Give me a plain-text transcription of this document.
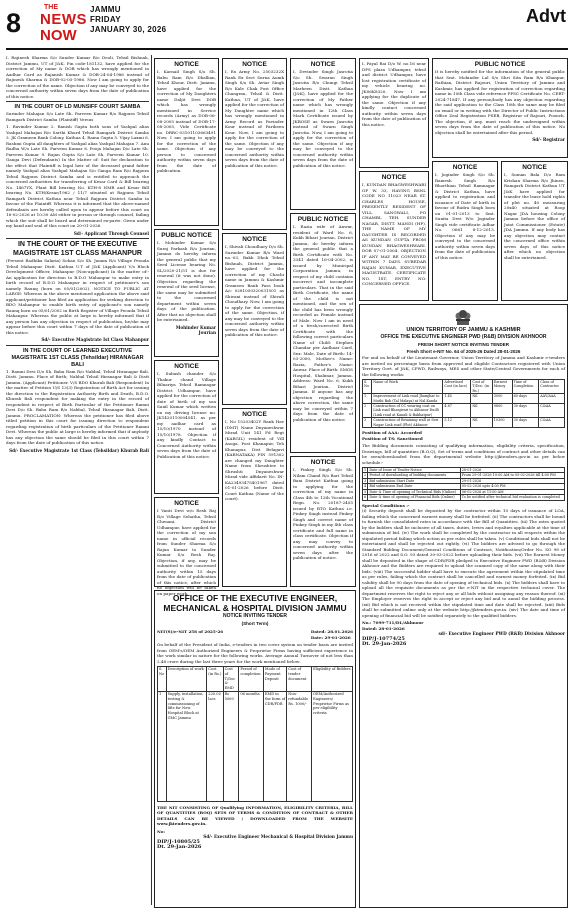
8
THE
NEWS
NOW
JAMMU
FRIDAY
JANUARY 30, 2026
Advt
I, Rajinesh Sharma S/o Sunder Kumar R/o Deoli, Tehsil Bishnah, District Jammu, UT of J&K, Pin code-181132, have applied for the correction of My name & DOB which has wrongly mentioned in Aadhar Card as Rajanish Kumar & DOB-24-04-1986 instead of Rajinesh Sharma & DOB-02-05-1986. Now I am going to apply for the correction of the name. Objection if any may be conveyed to the concerned authority within seven days from the date of publication of this notice.
IN THE COURT OF LD MUNSIFF COURT SAMBA
Surinder Mahajan S/o Late Sh. Parveen Kumar R/o Rajpura Tehsil Ramgarh District Samba (Plaintiff) Versus
1. Ravinder Kumar 2. Banish Gupta both sons of Yashpal alias Yashpal Mahajan R/o Sarthi Khurd Tehsil Ramgarh District Samba 3. JK Grameen Bank Colony, Kathua 4. Rama Gupta 5. Vijay Laxmi 6. Rashmi Gupta all daughters of Yashpal alias Yashpal Mahajan 7. Anu Radha W/o Late Sh. Parveen Kumar 8. Pooja Mahajan D/o Late Sh. Parveen Kumar 9. Rajan Gupta S/o Late Sh. Parveen Kumar 10. Ganga Devi (Defendants) In the Matter of: Suit for declaration to the effect that Plaintiff is legal heir of the deceased grand father namely Yashpal alias Yashpal Mahajan S/o Ganga Ram R/o Rajpura Tehsil Rajpura District Samba and is entitled to approach the concerned authorities for transferring of Kesar Card & Bill bearing No. 1467YX, Plant Bill bearing No. KTH-8 NMR and Kesar Bill bearing No. KTH/Kesar/1962 / 11/7 situated at Rajpura Tehsil Ramgarh District Kathua near Tehsil Rajpura District Samba in favour of the Plaintiff. Whereas it is informed that the above-named defendants are hereby called upon to appear before this court on 16-02-2026 at 10:30 AM either in person or through counsel, failing which the suit shall be heard and determined ex-parte. Given under my hand and seal of this court on 20-01-2026.
Sd/- Applicant Through Counsel
IN THE COURT OF THE EXECUTIVE MAGISTRATE 1ST CLASS MAHANPUR
(Present Radhika Salaria) Sohan S/o Sh. Janam R/o Village Peouda Tehsil Mahanpur Distt. Kathua U.T of J&K (Applicant) V/s Block Development Officer, Mahanpur (Non-applicant) In the matter of:- An application for direction to B.D.O Mahanpur to make entry in birth record of B.D.O Mahanpur in respect of petitioner's son namely Raunq (born on 05/01/2002). NOTICE TO PUBLIC AT LARGE: Whereas in the above mentioned application the above said applicant/petitioner has filed an application for seeking direction to BDO Mahanpur to enable birth entry of applicant's son namely Raunq born on 05/01/2002 in Birth Register of Village Peouda Tehsil Mahanpur. Whereas the public at large is hereby informed that if any person has any objection in respect of publication, he/she may appear before this court within 7 days of the date of publication of this notice.
Sd/- Executive Magistrate Ist Class Mahanpur
IN THE COURT OF LEARNED EXECUTIVE MAGISTRATE 1ST CLASS (Tehsildar) HIRANAGAR BALI
1. Ramni Devi D/o Sh. Babu Ram R/o Nabbal, Tehsil Hiranagar Bali, Distt. Jammu. Place of Birth; Nabbal Tehsil Hiranagar Bali & Distt Jammu. (Applicant) Petitioner. V/S BDO Khurab Bali (Respondent) In the matter of Petition U/S 13(3) Registration of Birth Act for issuing the direction to the Registration Authority Birth and Death, B.D.O. Khurab Bali respondent for making the entry in the record of respondent in respect of Birth Particular of the Petitioner Ramni Devi D/o Sh. Babu Ram R/o Nabbal, Tehsil Hiranagar Bali, Distt. Jammu. PROCLAMATION: Whereas the petitioner has filed above titled petition in this court for issuing direction to respondent regarding registration of birth particulars of the Petitioner Ramni Devi. Whereas the public at large is hereby informed that if anybody has any objection the same should be filed in this court within 7 days from the date of publication of this notice.
Sd/- Executive Magistrate 1st Class (Tehsildar) Khurab Bali
NOTICE
I, Karnail Singh S/o Sh. Babu Ram R/o Dhallian, Tehsil Khour, Distt. Jammu, have applied for the correction of My Daughters name Daljit Devi DOB which has wrongly mentioned in Service records (Army) as DOB-06-08-2005 instead of DOB-17-08-2005, Vide Certificate no. DRRC-03101103663491 Now, I am going to apply for the correction of the same. Objection if any person to concerned authority within seven days from the date of publication.
PUBLIC NOTICE
I, Mohinder Kumar S/o Suraj Parkash R/o Jourian, Jammu do hereby inform the general public that my Seed License bearing No. SL/2020-21/51 is due for renewal (it was not done). Objection regarding the renewal of the seed license, the same may be submitted to the concerned department within seven days of the publication. After that no objection shall be entertained.
Mohinder Kumar Jourian
NOTICE
I, Subash chander S/o Thakur chand Village Bilnariya Tehsil Ramnagar District Udhampur, have applied for the correction of date of birth of my son Sunil Kumar which written on my driving license no. JK1420110004541, as per my aadhar card as 15/10/1970 instead of 15/10/1978. Objection if any kindly Contact to Concerned Authority within seven days from the date of Publication of this notice.
NOTICE
I Vanti Devi w/o Resh Raj R/o Village Sehatha, Tehsil Chenani, District Udhampur, have applied for the correction of my son name in official records from Sunder Sharma S/o Rajan Kumar to Sunder Kumar S/o Resh Raj. Objection, if any, may be submitted to the concerned authority within 15 days from the date of publication of this notice, after which no objection will be taken on paper work.
NOTICE
I, Ex Army No. 2503232X Rank Ex Sect Surna Aumk Singh S/o Sh. Avtar Singh R/o Kale Chak Post Office Changran, Tehsil & Distt. Kathua, UT of J&K, have applied for the correction of My Daughter name which has wrongly mentioned in Army Record as Pavinder Kour instead of Paribeen Kour. Now, I am going to apply for the correction of the same. Objection if any may be conveyed to the concerned authority within seven days from the date of publication of this notice.
NOTICE
I, Shivali Choudhary D/o Sh. Surinder Kumar R/o Ward no.-03, Bakh Dhok Tehsil Bishnah, District Jammu, have applied for the correction of my Chachi name in Jammu & Kashmir Grameen Bank Pass book A/c 0281050320031501 as Shivani instead of Shivali Choudhary. Now, I am going to apply for the correction of the same. Objection, if any may be conveyed to the concerned authority within seven days from the date of publication of this notice.
NOTICE
I, No 15203402Y Rank Hav (DMT) Name Dnyaneshwar Mirad Unit 141 Fd Regt (KARGIL) resident of Vill Asoga, Post Khanapur, Teh Khanapur, Dist Belagavi (KARNATAKA) PIN 591302 are changed my Daughter Name from Shrushtee to Shrushti Dnyaneshwar Mirad vide Affidavit No. IN-KA23493475401967 dated 01-01-2026 before Distt. Court Kathua (Name of the court).
NOTICE
I, Devinder Singh Jasrotia S/o Sh. Swaran Singh Jasrotia R/o Chungi Tehsil Marheen Distt. Kathua (J&K), have applied for the correction of My Father name which has wrongly mentioned in 12th Class Mark Certificate issued by JKBOSE as Swarn Jasrotia instead of Swarn Singh Jasrotia. Now, I am going to apply for the correction of the same. Objection if any may be conveyed to the concerned authority within seven days from the date of publication of this notice.
PUBLIC NOTICE
I, Razia wife of Anwar, resident of Ward No. 6, Kukh Bihari Jourian, District Jammu, do hereby inform the general public that a Birth Certificate with No. 3341 dated 16-04-2002, is issued by Municipal Corporation Jammu, in respect of my child contains incorrect and incomplete particulars. That in the said Birth Certificate, the name of the child is not mentioned, and the sex of the child has been wrongly recorded as Female instead of Male. Now I am in need of a fresh/corrected Birth Certificate with the following correct particulars Name of Child: Stephen Chandar per Aadhaar Card, Sex: Male, Date of Birth: 14-03-2000, Mother's Name: Razia, Father's Name: Anwar. Place of Birth: SMGS Hospital, Shalimar, Jammu. Address: Ward No. 6, Kukh Bihari Jourian, District Jammu. If anyone has any objection regarding the above correction, the same may be conveyed within 7 days from the date of publication of this notice.
NOTICE
I, Pinkey Singh S/o Sh. Nilam Chand R/o Bari Tehsil Bani District Kathua going to applying for the correction of my name in Class 4th to 12th Vocational Regn. No. 20187-2455 issued by RTO Kathua i.e. Pinkey Singh instead Pinkey Singh and correct name of Pinkey Singh in my 4th class certificate and full name in class certificate. Objection if any may convey to concerned authority within seven days after the publication of notice.
I, Payal Rai D/o W. no.16 near DPS plaza Udhampur, tehsil and district Udhampur, have lost registration certificate of my vehicle bearing no. JK06K8320. Now I am applying for the duplicate of the same. Objection if any kindly contact concerned authority within seven days from the date of publication of this notice.
NOTICE
I, KUNDAN BHAGWESHWARI OF W. 33, HAVING BSNL CODE NO 11023 NEAR ST. CHARLES HOUSE, PRESENTLY RESIDENT OF VILL. SANGWALI, PO CHAMBL TEH. SUNDER NAGAR, DISTT. MANDI (HP), THE NAME OF MY DAUGHTER IS RECORDED AS KUNDAN GUPTA FROM KUNDAN BHAGWESHWARI. DOB 07-01-2004. OBJECTION IF ANY MAY BE CONVEYED WITHIN 7 DAYS. SUBEDAR RAJAN KUMAR, EXECUTIVE MAGISTRATE. CERTIFICATE NO. 1ST, ENTRY NO. CONCERNED OFFICE.
PUBLIC NOTICE
It is hereby notified for the information of the general public that Smt. Mohinder Lal S/o Shri Sita Ram R/o Khanpur, Rathian, District Rajouri, Union Territory of Jammu and Kashmir, has applied for registration of correction regarding name in 10th Class vide reference PPSC Certificate No. CERT-2024-71847. If any person/body has any objection regarding the said application to the Class 10th the same may be filed on email or in writing with the Director of Public Instructions Office Zeal Registration PSEB, Registrar of Rajouri, Poonch. The objection, if any, must reach the undersigned within seven days from the date of publication of this notice. No objection shall be entertained after this period.
Sd/- Registrar
NOTICE
I, Joginder Singh S/o Sh. Ramesh Singh R/o Bhorthian Tehsil Ramnagar & District Kathua, have applied to registration and issuance of Date of birth in favour of Rudra Singh born on 01-01-2013 to Smt. Sunita Devi W/o Joginder Singh vide certificate Adhar No. 0661 8-12-2013. Objection if any may be conveyed to the concerned authority within seven days from the date of publication of this notice.
NOTICE
I, Suman Bala D/o Ram Krishan Sharma R/o Jhineu, Ramgarh District Kathua UT J&K have applied for transfer the lease hold rights of plot no. 40 measuring 20x40 situated at Roop Nagar JDA housing Colony Jammu before the office of Joint Commissioner (Estate) JDA Jammu. If any body has any objection may contact the concerned office within seven days of this notice after which no objection shall be entertained.
UNION TERRITORY OF JAMMU & KASHMIR
OFFICE THE EXECUTIVE ENGINEER PWD (R&B) DIVISION AKHNOOR
FRESH SHORT NOTICE INVITING TENDER
Fresh Short e-NIT No. 64 of 2025-26 Dated 28-01-2026
For and on behalf of the Lieutenant Governor, Union Territory of Jammu and Kashmir e-tenders are invited on percentage basis from approved and eligible Contractors registered with Union Territory Govt. of J&K, CPWD, Railways, MES and other State/Central Governments for each of the following works:
S. No	Name of Work	Advertised Cost (in lacs)	Cost of T/Doc. (in Rs.)	Earnest Money	Time of Completion	Class of Contractor
1	Improvement of Link road Jhamjhar to Muthi Bah (Tal Malaya) at Nal Kanda	1.45	Nil	3000	60 days	AAY/AAA
2	Construction of CC wearing coat on Link road Bhanjwari to Akhnoor Dudli (Link road at Kanali & Bakhatpur)	4.87	Nil	9800	30 days	C&AA
3	Construction of Retaining wall at Seri Nagar Link road (Plot) Akhnoor	5.12	Nil	10300	30 days	C&AA
Position of AAA: Accorded
Position of TS: Sanctioned
The Bidding documents consisting of qualifying information, eligibility criteria, specification, Drawings, bill of quantities (B.O.Q), Set of terms and conditions of contract and other details can be seen/downloaded from the departmental website http://jktenders.gov.in as per below schedule:-
1	Date of Issue of Tender Notice	28-01-2026
2	Period of downloading of bidding documents	From 29-01-2026 10:00 AM to 05-02-2026 till 4:00 PM
3	Bid submission Start Date	29-01-2026
4	Bid submission End Date	05-02-2026 upto 4:00 PM
5	Date & Time of opening of Technical Bids (Online)	06-02-2026 at 11:00 AM
6	Date & time of opening of Financial Bids (Online)	To be notified after technical bid evaluation is completed
Special Conditions :-
(i) Security deposit shall be deposited by the contractor within 10 days of issuance of LOA, failing which the concerned earnest money shall be forfeited. (ii) The contractors shall be bound to furnish the consolidated rates in accordance with the Bill of Quantities. (iii) The rates quoted by the bidders shall be inclusive of all taxes, duties, levies and royalties applicable at the time of submission of bid. (iv) The work shall be completed by the contractor in all respects within the stipulated period failing which action as per rules shall be taken. (v) Conditional bids shall not be entertained and shall be rejected out rightly. (vi) The bidders are advised to go through the Standard Bidding Document/General Conditions of Contract, Notification/Order No. SO 98 of 2016 of 2022 and S.O. 93 dated 30-03-2022 before uploading their bids. (vii) The Earnest Money shall be deposited in the shape of CDR/FDR pledged to Executive Engineer PWD (R&B) Division Akhnoor and the Bidders are required to upload the scanned copy of the same along with their bids. (viii) The successful bidder shall have to execute the agreement within the stipulated time as per rules, failing which the contract shall be cancelled and earnest money forfeited. (ix) Bid validity shall be 90 days from the date of opening of technical bids. (x) The bidders shall have to upload all the requisite documents as per the e-NIT in the respective technical cover. The department reserves the right to reject any or all bids without assigning any reason thereof. (xi) The Employer reserves the right to accept or reject any bid and to annul the bidding process. (xii) Bid which is not received within the stipulated time and date shall be rejected. (xiii) Bids shall be submitted online only at the website http://jktenders.gov.in. (xiv) The date and time of opening of financial bid will be notified separately to the qualified bidders.
No.: 7099-711/DL/Akhnoor
Dated: 28-01-2026
sd/- Executive Engineer PWD (R&B) Division Akhnoor
DIP/J-10774/25
Dt. 29-Jan-2026
OFFICE OF THE EXECUTIVE ENGINEER, MECHANICAL & HOSPITAL DIVISION JAMMU
NOTICE INVITING TENDER
(Short Term)
NIT(S)/e-NIT 258 of 2025-26	Dated: 28.01.2026
Date: 29-01-2026
On behalf of the President of India, e-tenders in two cover system on tender basis are invited from OEM's/OEM Authorized Engineers & Proprietor Firms having sufficient experience in the work similar in nature for the following works. Average Annual Turnover of not less than 2.48 crore during the last three years for the work mentioned below:
S. No	Description of work	Cost (in Rs.)	Cost of T/Doc & EMD	Period of completion	Mode of Payment Deposit	Cost of tender document	Eligibility of Bidders
1	Supply, installation, testing & commissioning of lifts for New Hospital Block at GMC Jammu	220.00 lacs	Rs 5000	06 months	EMD in the form of CDR/FDR	Non-refundable Rs. 1000/-	OEM/Authorized Engineers/ Proprietor Firms as per eligibility criteria
THE NIT CONSISTING OF Qualifying INFORMATION, ELIGIBILITY CRITERIA, BILL OF QUANTITIES (BOQ) SETS OF TERMS & CONDITION OF CONTRACT & OTHER DETAILS CAN BE VIEWED / DOWNLOADED FROM THE WEBSITE www.jktenders.gov.in.
No:
Sd/- Executive Engineer Mechanical & Hospital Division Jammu
DIP/J-10805/25
Dt. 29-Jan-2026
